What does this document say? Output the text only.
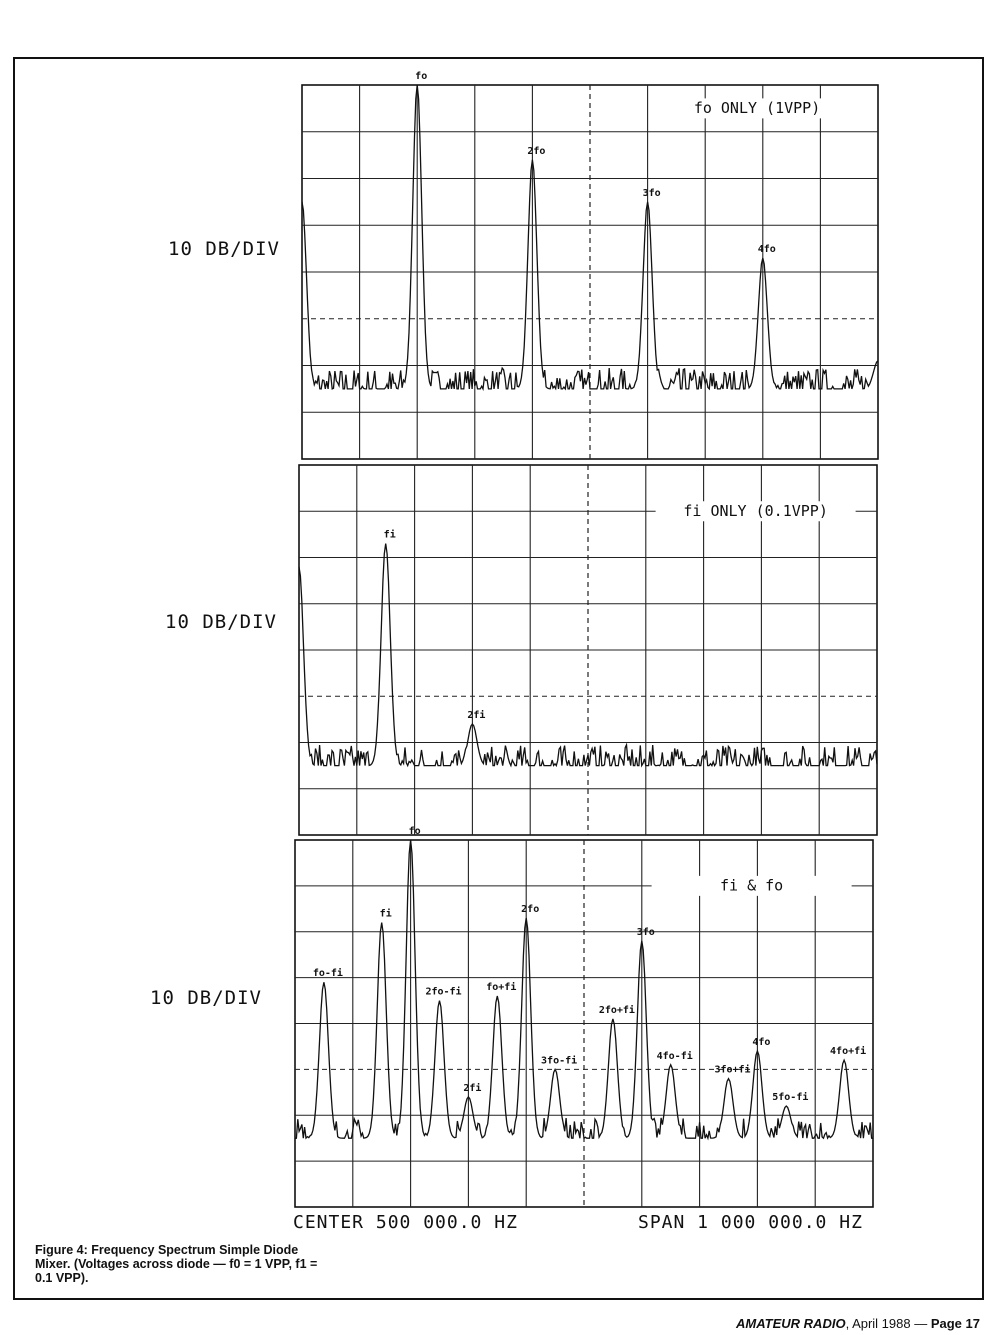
fo
2fo
3fo
4fo
fo ONLY (1VPP)
10 DB/DIV
fi
2fi
fi ONLY (0.1VPP)
10 DB/DIV
fo-fi
fi
fo
2fo-fi
2fi
fo+fi
2fo
3fo-fi
2fo+fi
3fo
4fo-fi
3fo+fi
4fo
5fo-fi
4fo+fi
fi & fo
10 DB/DIV
CENTER 500 000.0 HZ	SPAN 1 000 000.0 HZ
Figure 4: Frequency Spectrum Simple Diode Mixer. (Voltages across diode — f0 = 1 VPP, f1 = 0.1 VPP).
AMATEUR RADIO, April 1988 — Page 17
